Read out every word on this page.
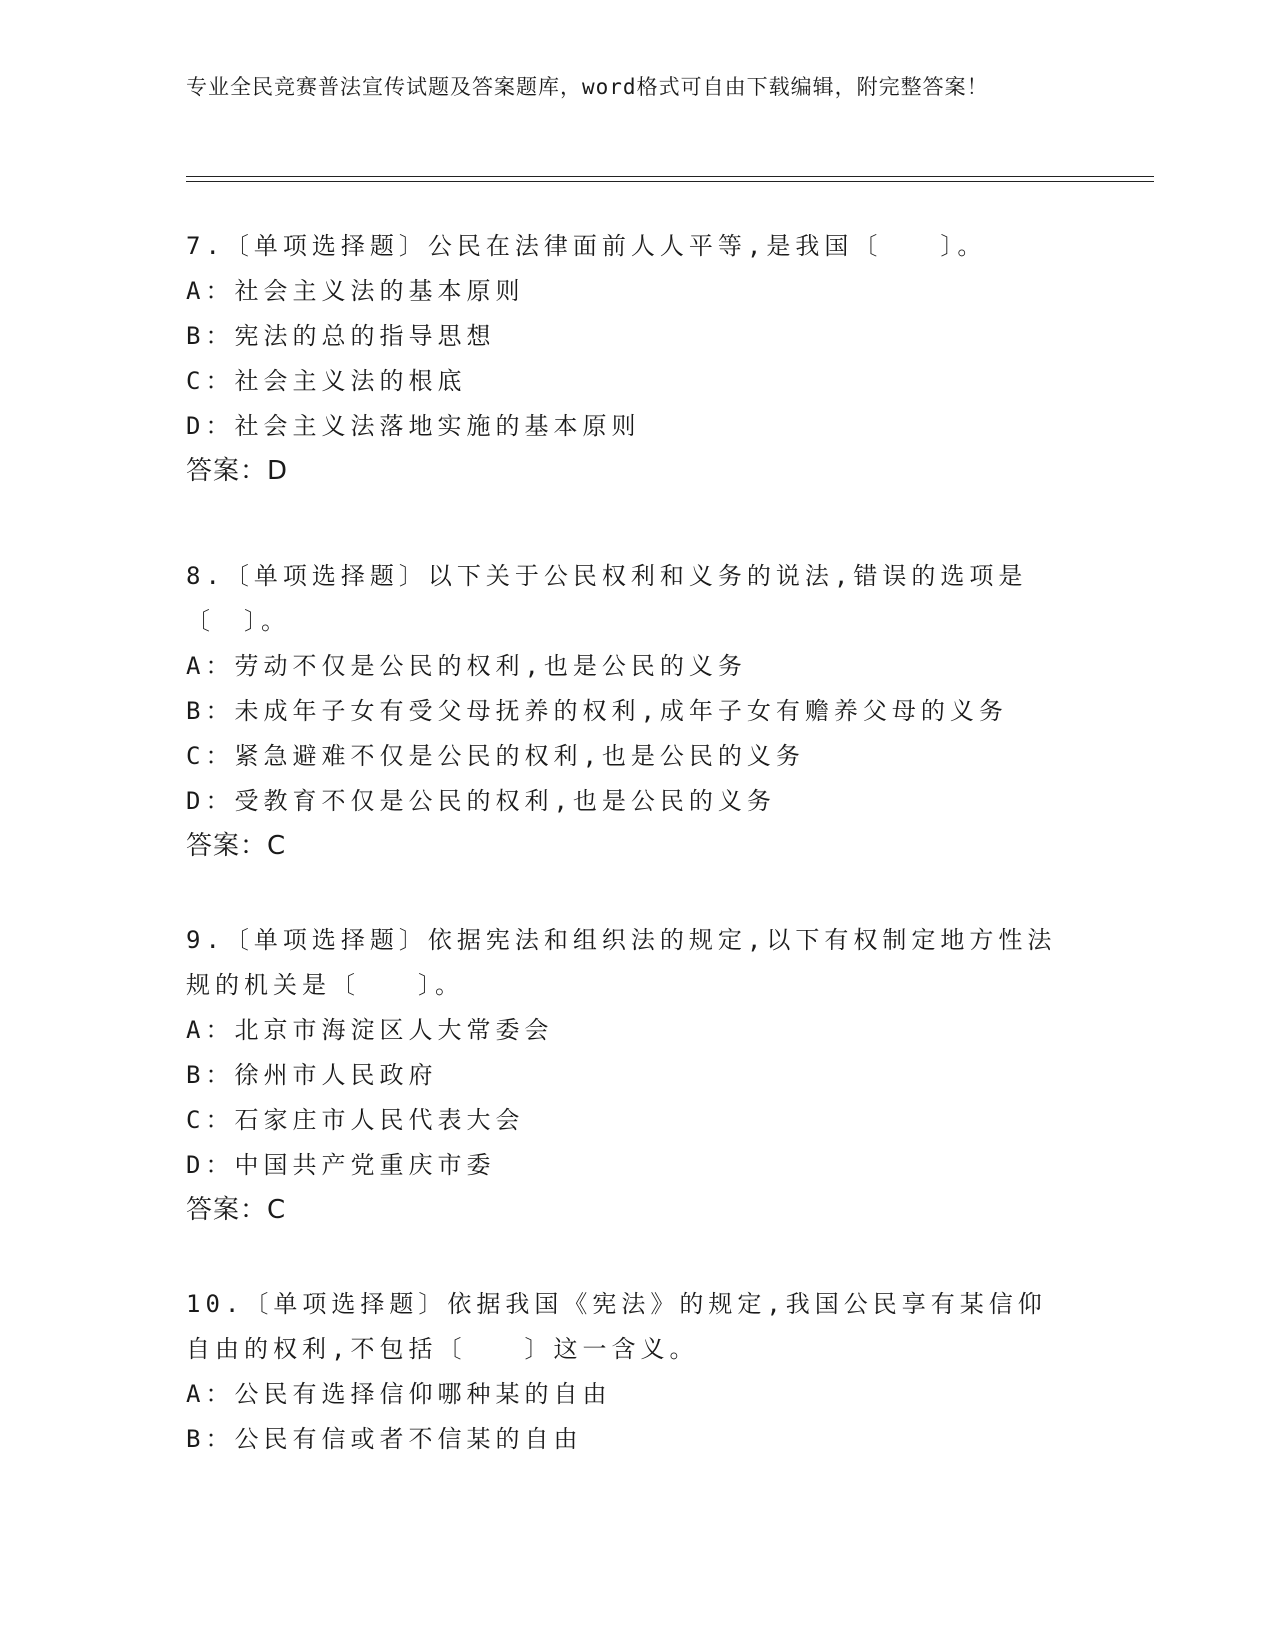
专业全民竞赛普法宣传试题及答案题库，word格式可自由下载编辑，附完整答案！

7.〔单项选择题〕公民在法律面前人人平等,是我国〔　　〕。

A：社会主义法的基本原则

B：宪法的总的指导思想

C：社会主义法的根底

D：社会主义法落地实施的基本原则

答案：D

8.〔单项选择题〕以下关于公民权利和义务的说法,错误的选项是〔　〕。

A：劳动不仅是公民的权利,也是公民的义务

B：未成年子女有受父母抚养的权利,成年子女有赡养父母的义务

C：紧急避难不仅是公民的权利,也是公民的义务

D：受教育不仅是公民的权利,也是公民的义务

答案：C

9.〔单项选择题〕依据宪法和组织法的规定,以下有权制定地方性法规的机关是〔　　〕。

A：北京市海淀区人大常委会

B：徐州市人民政府

C：石家庄市人民代表大会

D：中国共产党重庆市委

答案：C

10.〔单项选择题〕依据我国《宪法》的规定,我国公民享有某信仰自由的权利,不包括〔　　〕这一含义。

A：公民有选择信仰哪种某的自由

B：公民有信或者不信某的自由
